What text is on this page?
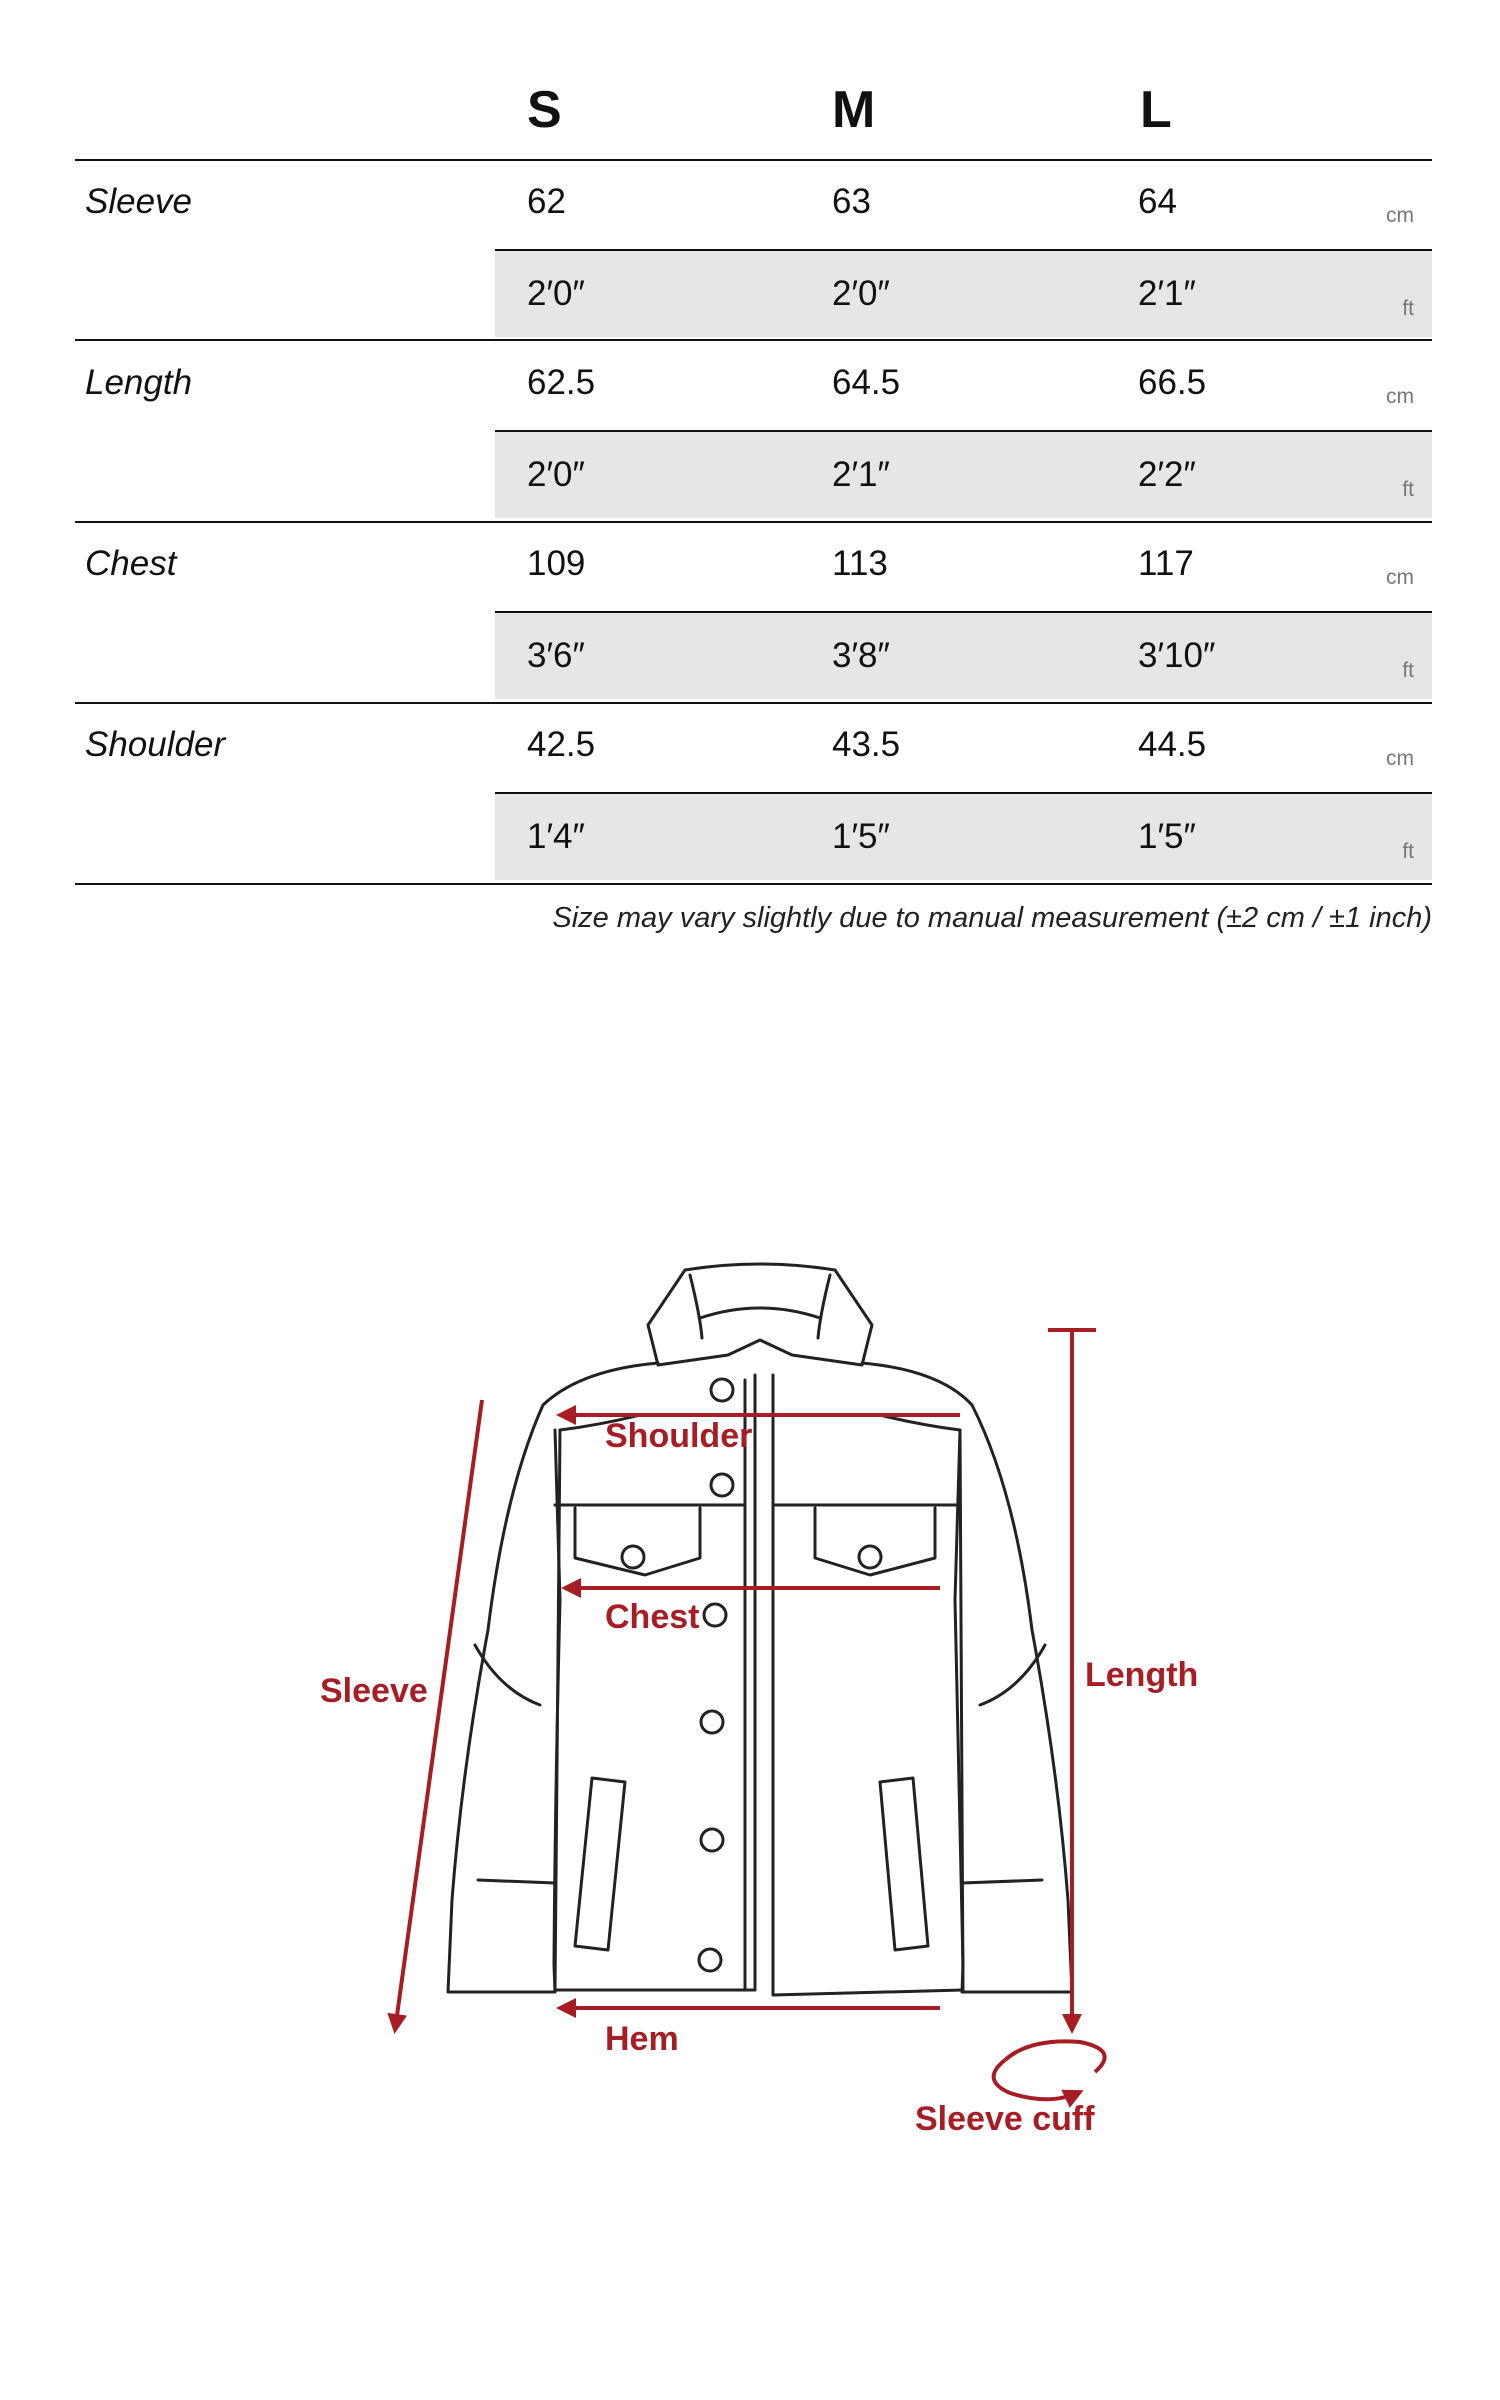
S	M	L
Sleeve	62	63	64	cm
2′0″	2′0″	2′1″	ft
Length	62.5	64.5	66.5	cm
2′0″	2′1″	2′2″	ft
Chest	109	113	117	cm
3′6″	3′8″	3′10″	ft
Shoulder	42.5	43.5	44.5	cm
1′4″	1′5″	1′5″	ft
Size may vary slightly due to manual measurement (±2 cm / ±1 inch)
Shoulder
Chest
Sleeve	Length
Hem
Sleeve cuff
